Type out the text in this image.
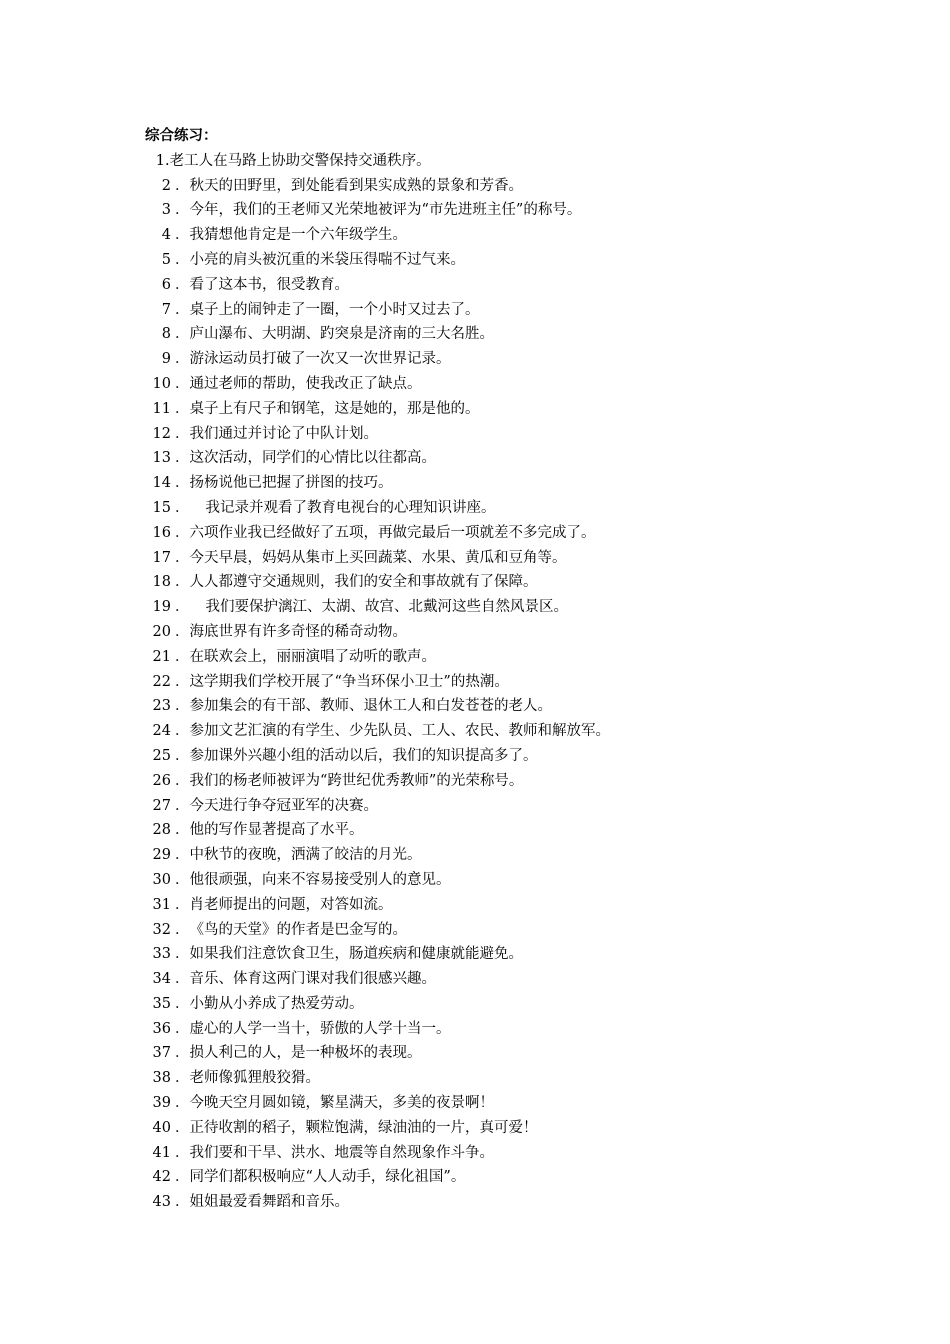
综合练习：
1 . 老工人在马路上协助交警保持交通秩序。
2 ． 秋天的田野里，到处能看到果实成熟的景象和芳香。
3 ． 今年，我们的王老师又光荣地被评为“市先进班主任”的称号。
4 ． 我猜想他肯定是一个六年级学生。
5 ． 小亮的肩头被沉重的米袋压得喘不过气来。
6 ． 看了这本书，很受教育。
7 ． 桌子上的闹钟走了一圈，一个小时又过去了。
8 ． 庐山瀑布、大明湖、趵突泉是济南的三大名胜。
9 ． 游泳运动员打破了一次又一次世界记录。
10 ． 通过老师的帮助，使我改正了缺点。
11 ． 桌子上有尺子和钢笔，这是她的，那是他的。
12 ． 我们通过并讨论了中队计划。
13 ． 这次活动，同学们的心情比以往都高。
14 ． 扬杨说他已把握了拼图的技巧。
15 ．	我记录并观看了教育电视台的心理知识讲座。
16 ． 六项作业我已经做好了五项，再做完最后一项就差不多完成了。
17 ． 今天早晨，妈妈从集市上买回蔬菜、水果、黄瓜和豆角等。
18 ． 人人都遵守交通规则，我们的安全和事故就有了保障。
19 ．	我们要保护漓江、太湖、故宫、北戴河这些自然风景区。
20 ． 海底世界有许多奇怪的稀奇动物。
21 ． 在联欢会上，丽丽演唱了动听的歌声。
22 ． 这学期我们学校开展了“争当环保小卫士”的热潮。
23 ． 参加集会的有干部、教师、退休工人和白发苍苍的老人。
24 ． 参加文艺汇演的有学生、少先队员、工人、农民、教师和解放军。
25 ． 参加课外兴趣小组的活动以后，我们的知识提高多了。
26 ． 我们的杨老师被评为“跨世纪优秀教师”的光荣称号。
27 ． 今天进行争夺冠亚军的决赛。
28 ． 他的写作显著提高了水平。
29 ． 中秋节的夜晚，洒满了皎洁的月光。
30 ． 他很顽强，向来不容易接受别人的意见。
31 ． 肖老师提出的问题，对答如流。
32 ． 《鸟的天堂》的作者是巴金写的。
33 ． 如果我们注意饮食卫生，肠道疾病和健康就能避免。
34 ． 音乐、体育这两门课对我们很感兴趣。
35 ． 小勤从小养成了热爱劳动。
36 ． 虚心的人学一当十，骄傲的人学十当一。
37 ． 损人利己的人，是一种极坏的表现。
38 ． 老师像狐狸般狡猾。
39 ． 今晚天空月圆如镜，繁星满天，多美的夜景啊！
40 ． 正待收割的稻子，颗粒饱满，绿油油的一片，真可爱！
41 ． 我们要和干旱、洪水、地震等自然现象作斗争。
42 ． 同学们都积极响应“人人动手，绿化祖国”。
43 ． 姐姐最爱看舞蹈和音乐。
